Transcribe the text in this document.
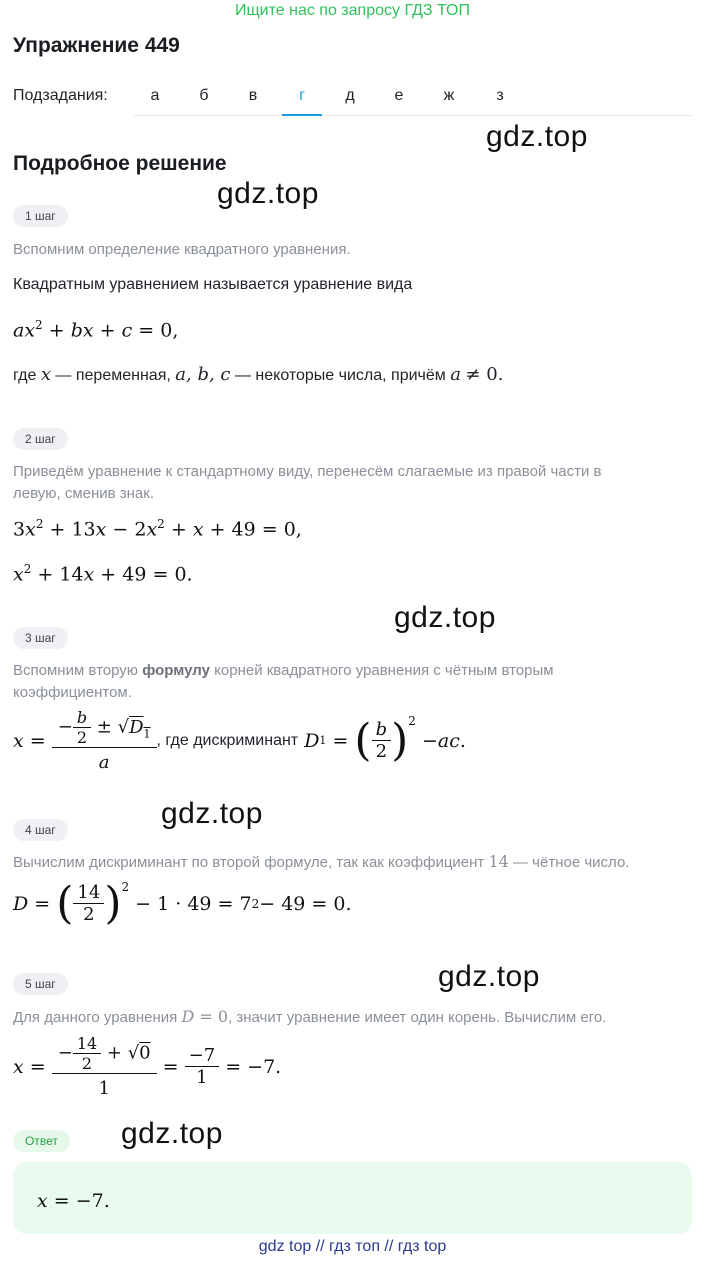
Ищите нас по запросу ГДЗ ТОП
Упражнение 449
Подзадания:	а	б	в	г	д	е	ж	з
gdz.top
gdz.top
gdz.top
gdz.top
gdz.top
gdz.top
Подробное решение
1 шаг
Вспомним определение квадратного уравнения.
Квадратным уравнением называется уравнение вида
$ax^2$ + bx + c = 0,
где x — переменная, a, b, c — некоторые числа, причём a ≠ 0.
2 шаг
Приведём уравнение к стандартному виду, перенесём слагаемые из правой части в
левую, сменив знак.
$3x^2 + 13x - 2x^2 + x + 49 = 0$,
$x^2 + 14x + 49 = 0$.
3 шаг
Вспомним вторую формулу корней квадратного уравнения с чётным вторым
коэффициентом.
$x = \frac{- \frac{b}{2} \pm √D_1}{a}$ , где дискриминант
D 1 = ( $\frac{b}{2} )^2$
− ac .
4 шаг
Вычислим дискриминант по второй формуле, так как коэффициент 14 — чётное число.
D = ( $\frac{14}{2} )^2$
− 1 · 49 = 7 2 − 49 = 0.
5 шаг
Для данного уравнения D = 0, значит уравнение имеет один корень. Вычислим его.
$x = \frac{- \frac{14}{2} + √0}{1} = \frac{-7}{1} = -7$.
Ответ
x = −7.
gdz top // гдз топ // гдз top
